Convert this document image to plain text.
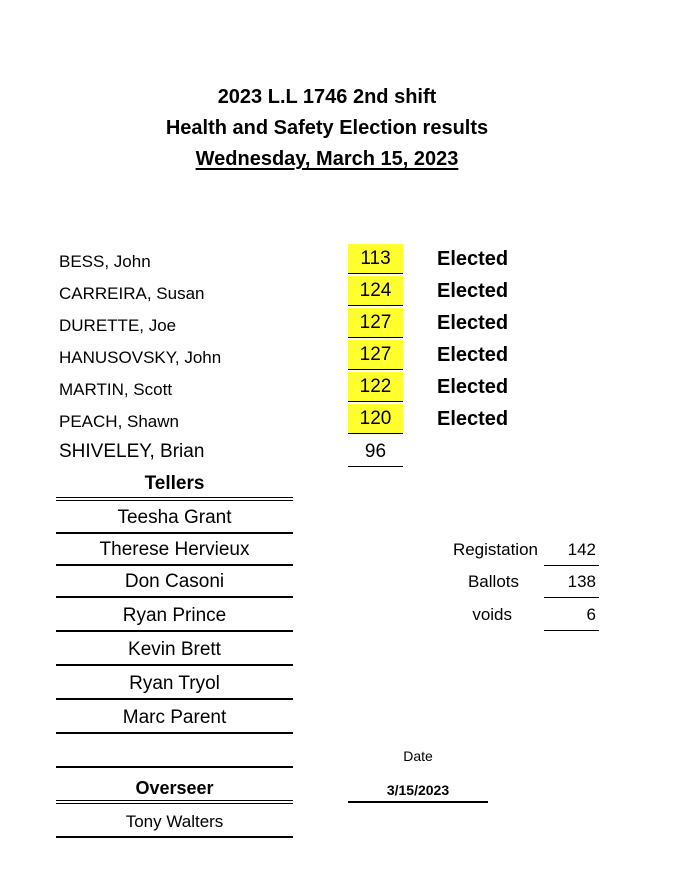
2023 L.L 1746 2nd shift
Health and Safety Election results
Wednesday, March 15, 2023
BESS, John	113	Elected
CARREIRA, Susan	124	Elected
DURETTE, Joe	127	Elected
HANUSOVSKY, John	127	Elected
MARTIN, Scott	122	Elected
PEACH, Shawn	120	Elected
SHIVELEY, Brian	96
Tellers
Teesha Grant
Therese Hervieux
Don Casoni
Ryan Prince
Kevin Brett
Ryan Tryol
Marc Parent
Registation	142
Ballots	138
voids	6
Date
3/15/2023
Overseer
Tony Walters
